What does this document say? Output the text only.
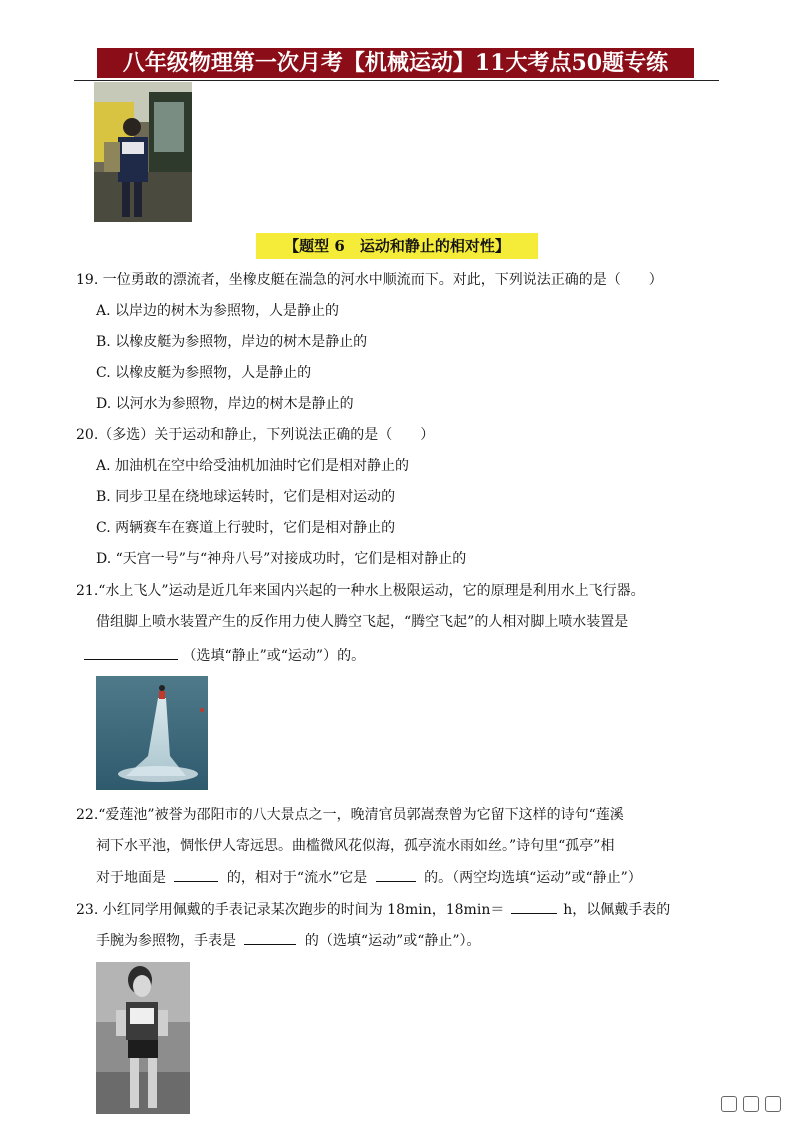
八年级物理第一次月考【机械运动】11大考点50题专练
【题型 6　运动和静止的相对性】
19. 一位勇敢的漂流者，坐橡皮艇在湍急的河水中顺流而下。对此，下列说法正确的是（　　）
A. 以岸边的树木为参照物，人是静止的
B. 以橡皮艇为参照物，岸边的树木是静止的
C. 以橡皮艇为参照物，人是静止的
D. 以河水为参照物，岸边的树木是静止的
20.（多选）关于运动和静止，下列说法正确的是（　　）
A. 加油机在空中给受油机加油时它们是相对静止的
B. 同步卫星在绕地球运转时，它们是相对运动的
C. 两辆赛车在赛道上行驶时，它们是相对静止的
D. “天宫一号”与“神舟八号”对接成功时，它们是相对静止的
21.“水上飞人”运动是近几年来国内兴起的一种水上极限运动，它的原理是利用水上飞行器。
借组脚上喷水装置产生的反作用力使人腾空飞起，“腾空飞起”的人相对脚上喷水装置是
（选填“静止”或“运动”）的。
22.“爱莲池”被誉为邵阳市的八大景点之一，晚清官员郭嵩焘曾为它留下这样的诗句“莲溪
祠下水平池，惆怅伊人寄远思。曲槛微风花似海，孤亭流水雨如丝。”诗句里“孤亭”相
对于地面是	的，相对于“流水”它是	的。（两空均选填“运动”或“静止”）
23. 小红同学用佩戴的手表记录某次跑步的时间为 18min，18min＝	h，以佩戴手表的
手腕为参照物，手表是	的（选填“运动”或“静止”）。
